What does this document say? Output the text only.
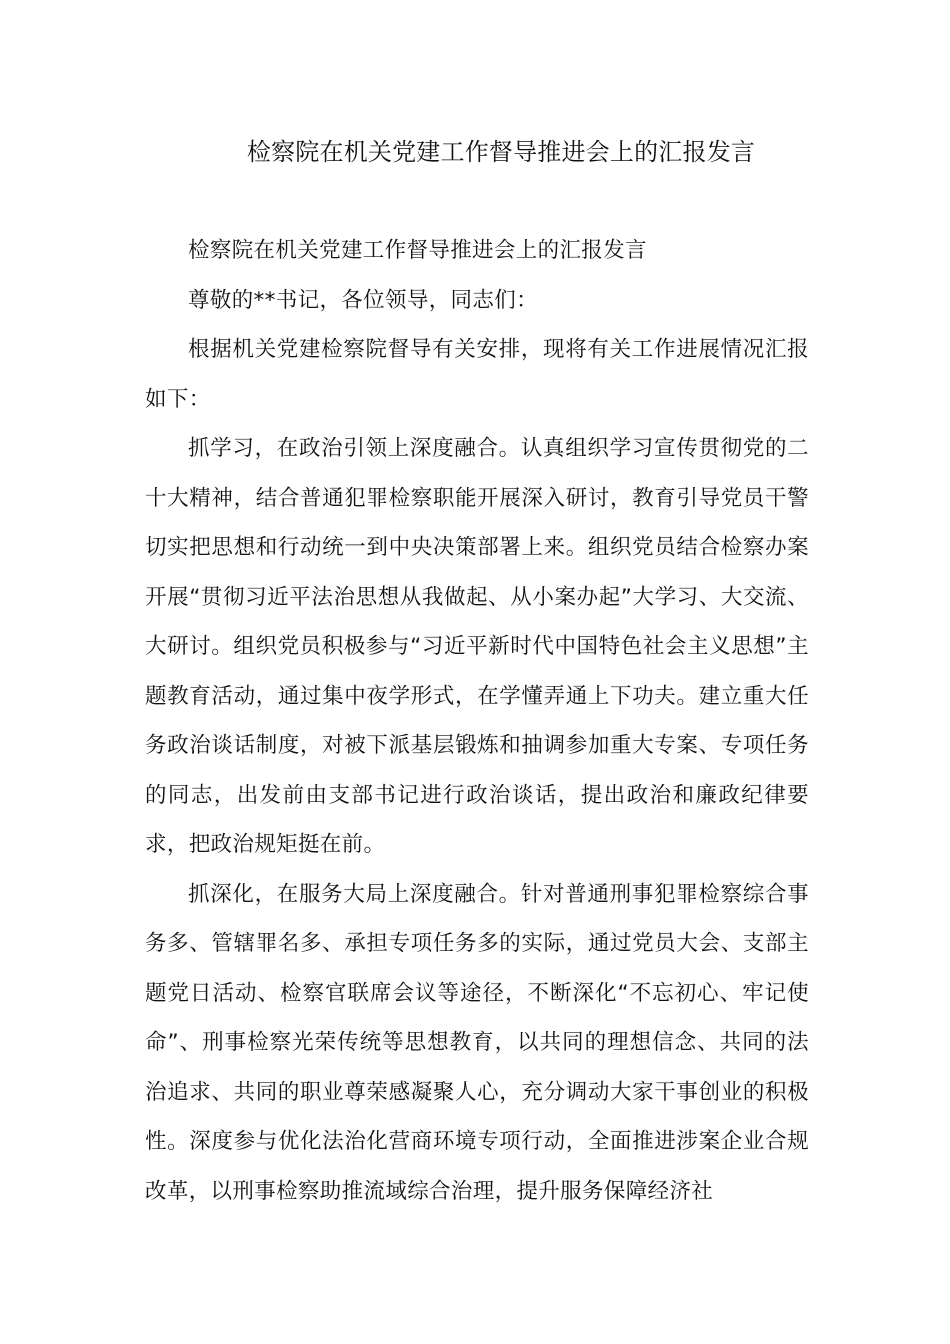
检察院在机关党建工作督导推进会上的汇报发言

检察院在机关党建工作督导推进会上的汇报发言

尊敬的**书记，各位领导，同志们：

根据机关党建检察院督导有关安排，现将有关工作进展情况汇报如下：

抓学习，在政治引领上深度融合。认真组织学习宣传贯彻党的二十大精神，结合普通犯罪检察职能开展深入研讨，教育引导党员干警切实把思想和行动统一到中央决策部署上来。组织党员结合检察办案开展“贯彻习近平法治思想从我做起、从小案办起”大学习、大交流、大研讨。组织党员积极参与“习近平新时代中国特色社会主义思想”主题教育活动，通过集中夜学形式，在学懂弄通上下功夫。建立重大任务政治谈话制度，对被下派基层锻炼和抽调参加重大专案、专项任务的同志，出发前由支部书记进行政治谈话，提出政治和廉政纪律要求，把政治规矩挺在前。

抓深化，在服务大局上深度融合。针对普通刑事犯罪检察综合事务多、管辖罪名多、承担专项任务多的实际，通过党员大会、支部主题党日活动、检察官联席会议等途径，不断深化“不忘初心、牢记使命”、刑事检察光荣传统等思想教育，以共同的理想信念、共同的法治追求、共同的职业尊荣感凝聚人心，充分调动大家干事创业的积极性。深度参与优化法治化营商环境专项行动，全面推进涉案企业合规改革，以刑事检察助推流域综合治理，提升服务保障经济社
